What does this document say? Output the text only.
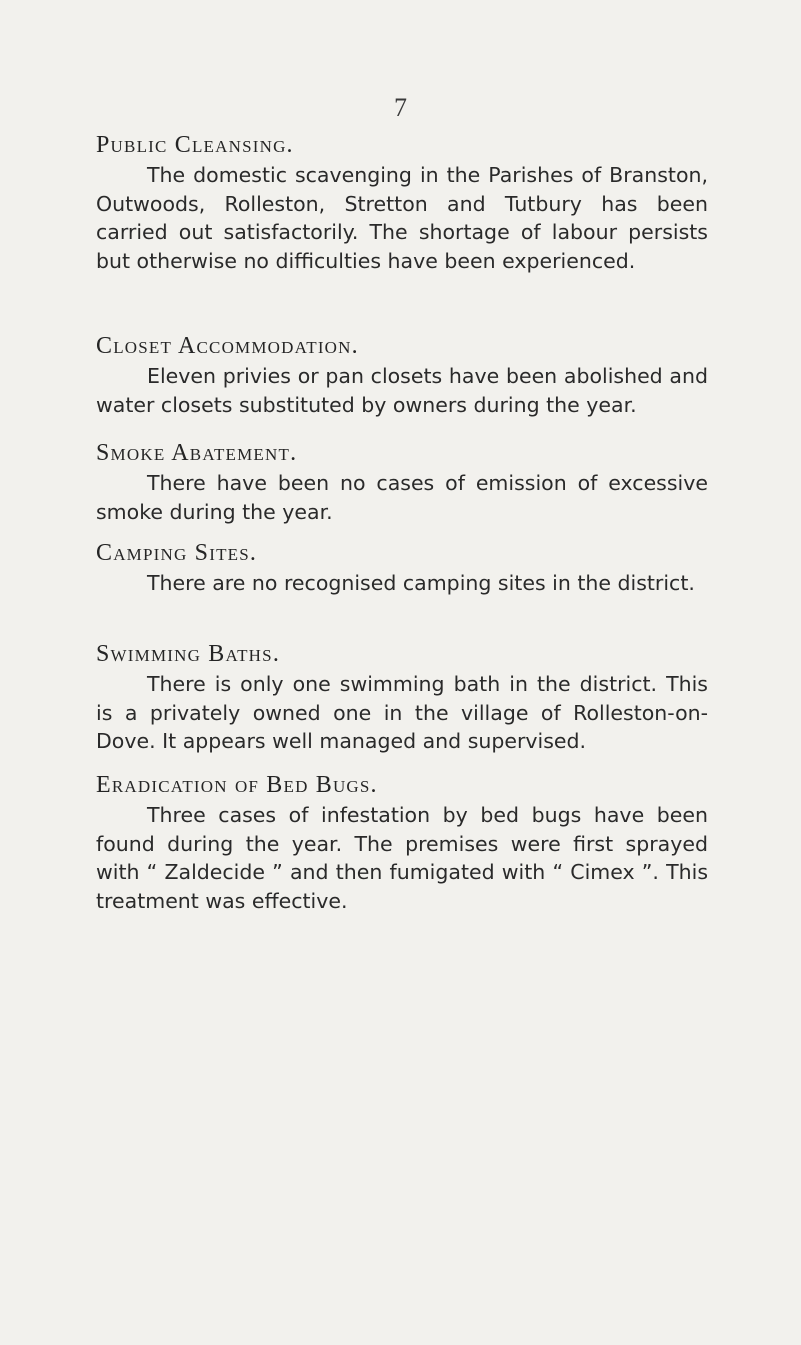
7
Public Cleansing.
The domestic scavenging in the Parishes of Branston, Outwoods, Rolleston, Stretton and Tutbury has been carried out satisfactorily. The shortage of labour persists but otherwise no difficulties have been experienced.
Closet Accommodation.
Eleven privies or pan closets have been abolished and water closets substituted by owners during the year.
Smoke Abatement.
There have been no cases of emission of excessive smoke during the year.
Camping Sites.
There are no recognised camping sites in the district.
Swimming Baths.
There is only one swimming bath in the district. This is a privately owned one in the village of Rolleston-on-Dove. It appears well managed and supervised.
Eradication of Bed Bugs.
Three cases of infestation by bed bugs have been found during the year. The premises were first sprayed with “ Zaldecide ” and then fumigated with “ Cimex ”. This treatment was effective.
